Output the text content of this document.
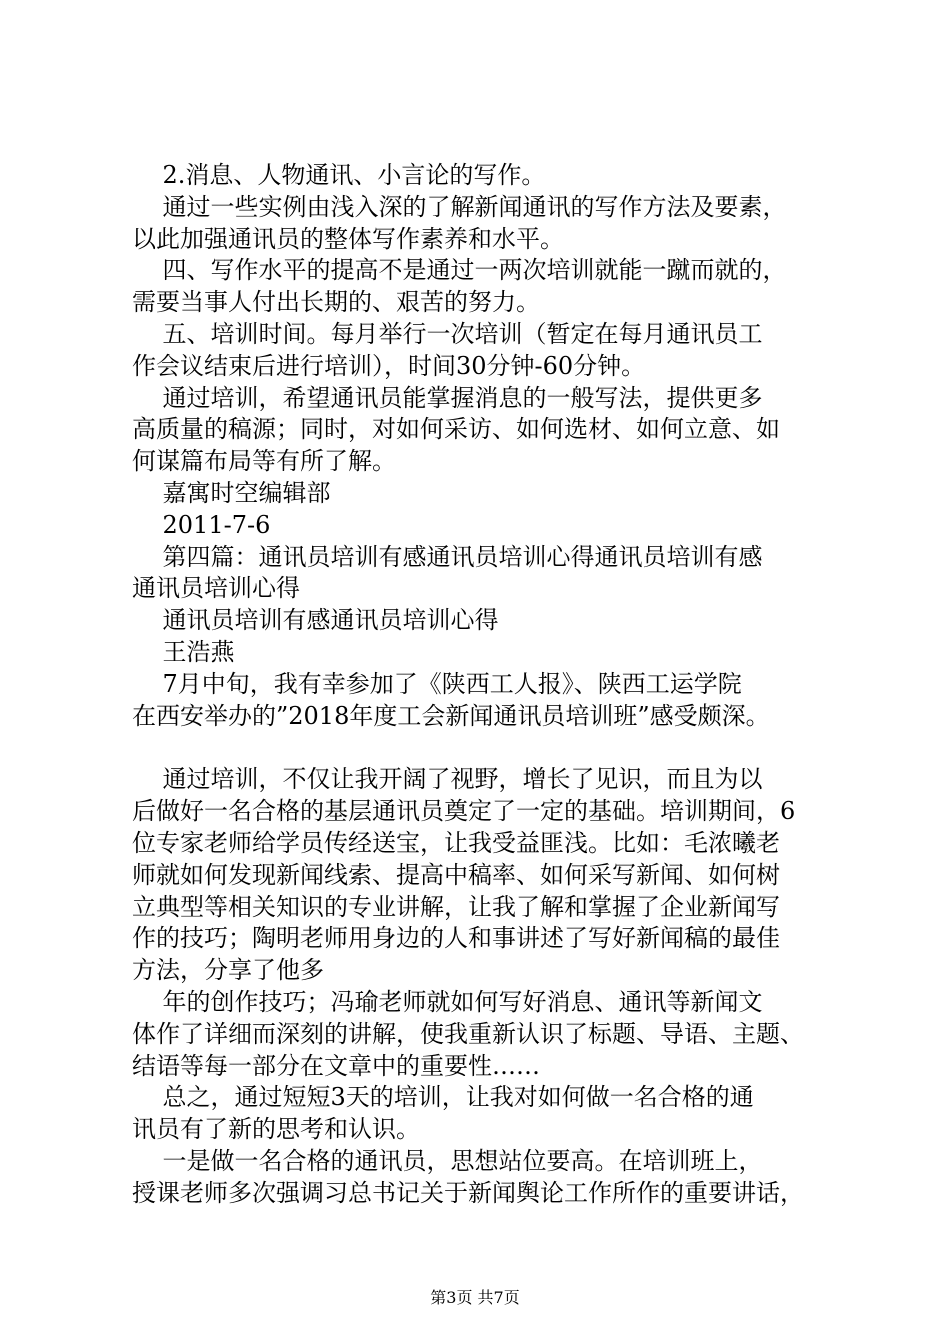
2.消息、人物通讯、小言论的写作。

通过一些实例由浅入深的了解新闻通讯的写作方法及要素，

以此加强通讯员的整体写作素养和水平。

四、写作水平的提高不是通过一两次培训就能一蹴而就的，

需要当事人付出长期的、艰苦的努力。

五、培训时间。每月举行一次培训（暂定在每月通讯员工

作会议结束后进行培训），时间30分钟-60分钟。

通过培训，希望通讯员能掌握消息的一般写法，提供更多

高质量的稿源；同时，对如何采访、如何选材、如何立意、如

何谋篇布局等有所了解。

嘉寓时空编辑部

2011-7-6

第四篇：通讯员培训有感通讯员培训心得通讯员培训有感

通讯员培训心得

通讯员培训有感通讯员培训心得

王浩燕

7月中旬，我有幸参加了《陕西工人报》、陕西工运学院

在西安举办的”2018年度工会新闻通讯员培训班”感受颇深。

通过培训，不仅让我开阔了视野，增长了见识，而且为以

后做好一名合格的基层通讯员奠定了一定的基础。培训期间，6

位专家老师给学员传经送宝，让我受益匪浅。比如：毛浓曦老

师就如何发现新闻线索、提高中稿率、如何采写新闻、如何树

立典型等相关知识的专业讲解，让我了解和掌握了企业新闻写

作的技巧；陶明老师用身边的人和事讲述了写好新闻稿的最佳

方法，分享了他多

年的创作技巧；冯瑜老师就如何写好消息、通讯等新闻文

体作了详细而深刻的讲解，使我重新认识了标题、导语、主题、

结语等每一部分在文章中的重要性……

总之，通过短短3天的培训，让我对如何做一名合格的通

讯员有了新的思考和认识。

一是做一名合格的通讯员，思想站位要高。在培训班上，

授课老师多次强调习总书记关于新闻舆论工作所作的重要讲话，

第3页 共7页
